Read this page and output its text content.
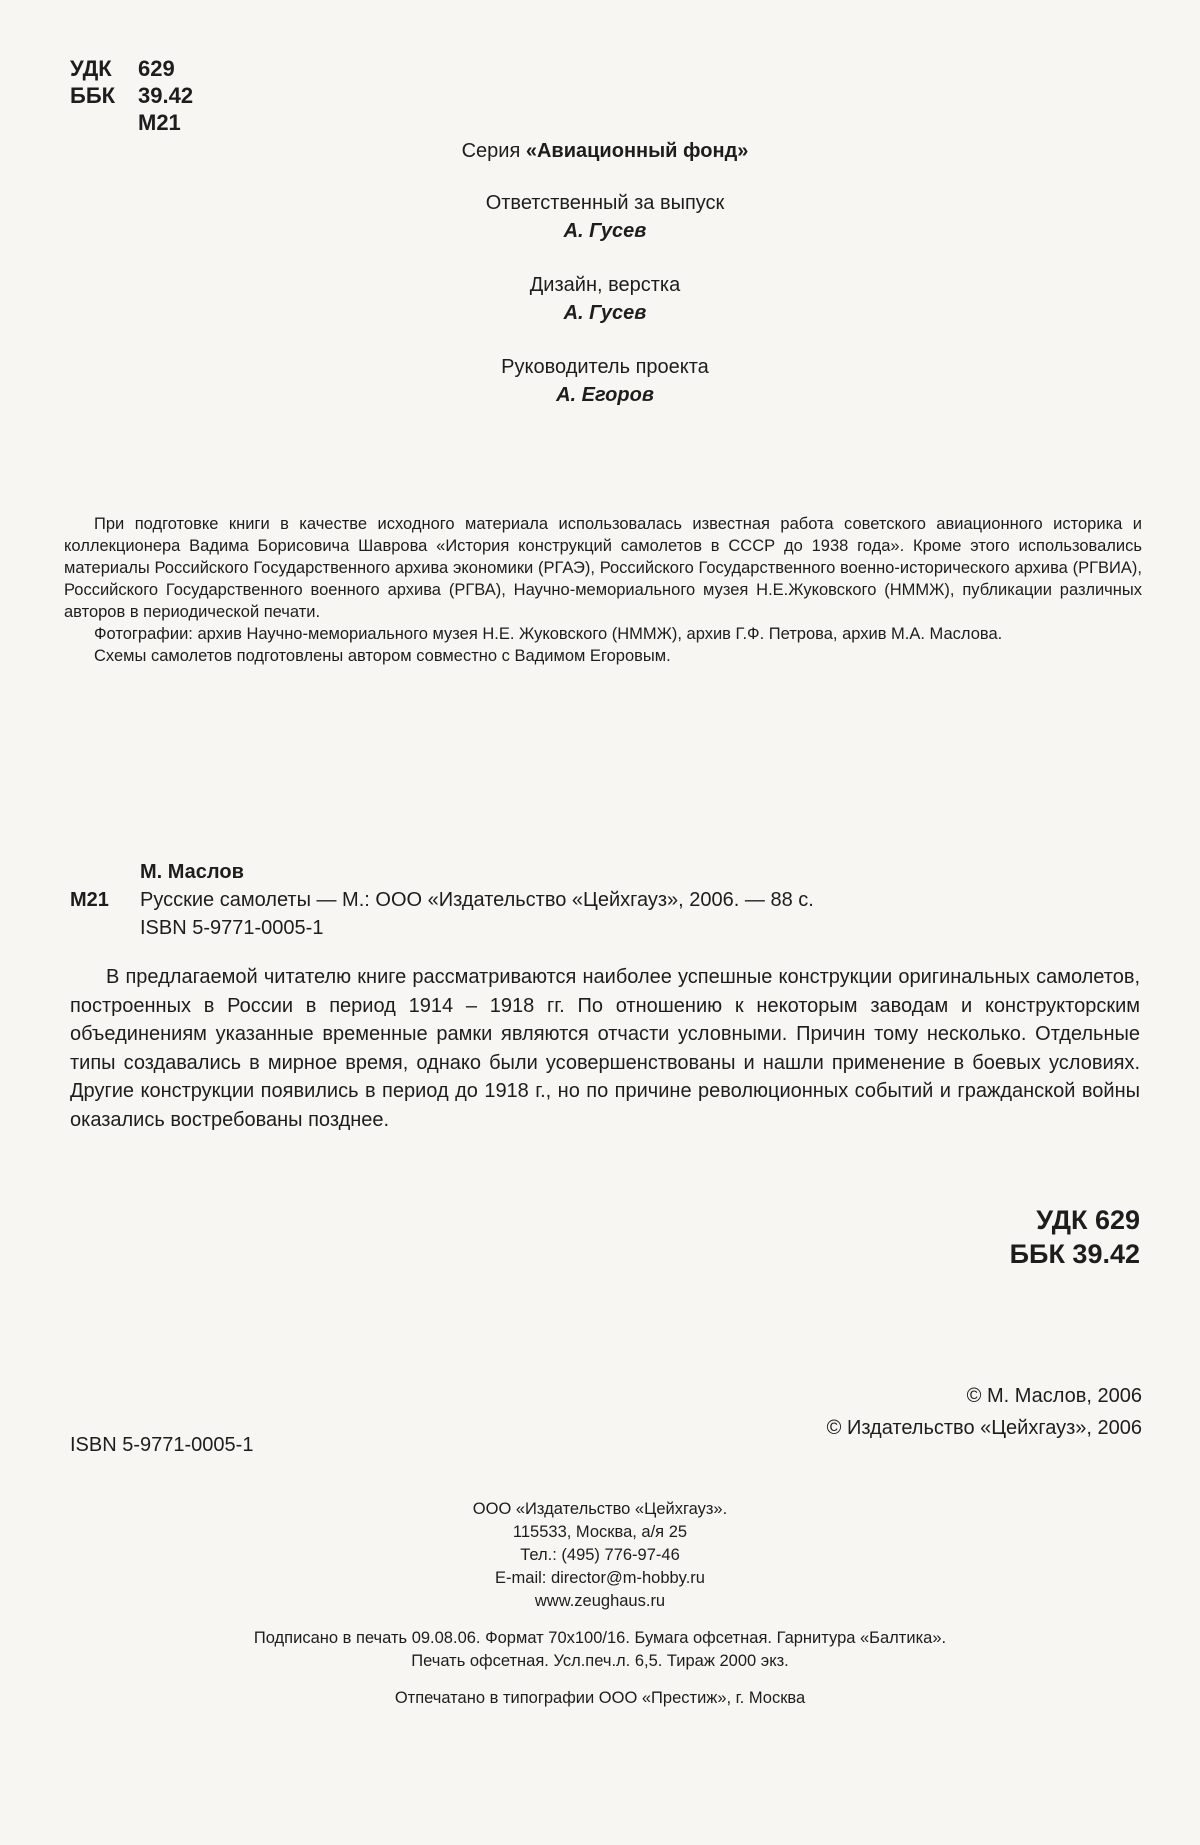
УДК	629
ББК	39.42
М21
Серия «Авиационный фонд»
Ответственный за выпуск
А. Гусев
Дизайн, верстка
А. Гусев
Руководитель проекта
А. Егоров

При подготовке книги в качестве исходного материала использовалась известная работа советского авиационного историка и коллекционера Вадима Борисовича Шаврова «История конструкций самолетов в СССР до 1938 года». Кроме этого использовались материалы Российского Государственного архива экономики (РГАЭ), Российского Государственного военно-исторического архива (РГВИА), Российского Государственного военного архива (РГВА), Научно-мемориального музея Н.Е.Жуковского (НММЖ), публикации различных авторов в периодической печати.

Фотографии: архив Научно-мемориального музея Н.Е. Жуковского (НММЖ), архив Г.Ф. Петрова, архив М.А. Маслова.

Схемы самолетов подготовлены автором совместно с Вадимом Егоровым.

М. Маслов
М21	Русские самолеты — М.: ООО «Издательство «Цейхгауз», 2006. — 88 с.
ISBN 5-9771-0005-1

В предлагаемой читателю книге рассматриваются наиболее успешные конструкции оригинальных самолетов, построенных в России в период 1914 – 1918 гг. По отношению к некоторым заводам и конструкторским объединениям указанные временные рамки являются отчасти условными. Причин тому несколько. Отдельные типы создавались в мирное время, однако были усовершенствованы и нашли применение в боевых условиях. Другие конструкции появились в период до 1918 г., но по причине революционных событий и гражданской войны оказались востребованы позднее.

УДК 629
ББК 39.42
© М. Маслов, 2006
© Издательство «Цейхгауз», 2006
ISBN 5-9771-0005-1
ООО «Издательство «Цейхгауз».
115533, Москва, а/я 25
Тел.: (495) 776-97-46
E-mail: director@m-hobby.ru
www.zeughaus.ru
Подписано в печать 09.08.06. Формат 70х100/16. Бумага офсетная. Гарнитура «Балтика».
Печать офсетная. Усл.печ.л. 6,5. Тираж 2000 экз.
Отпечатано в типографии ООО «Престиж», г. Москва
